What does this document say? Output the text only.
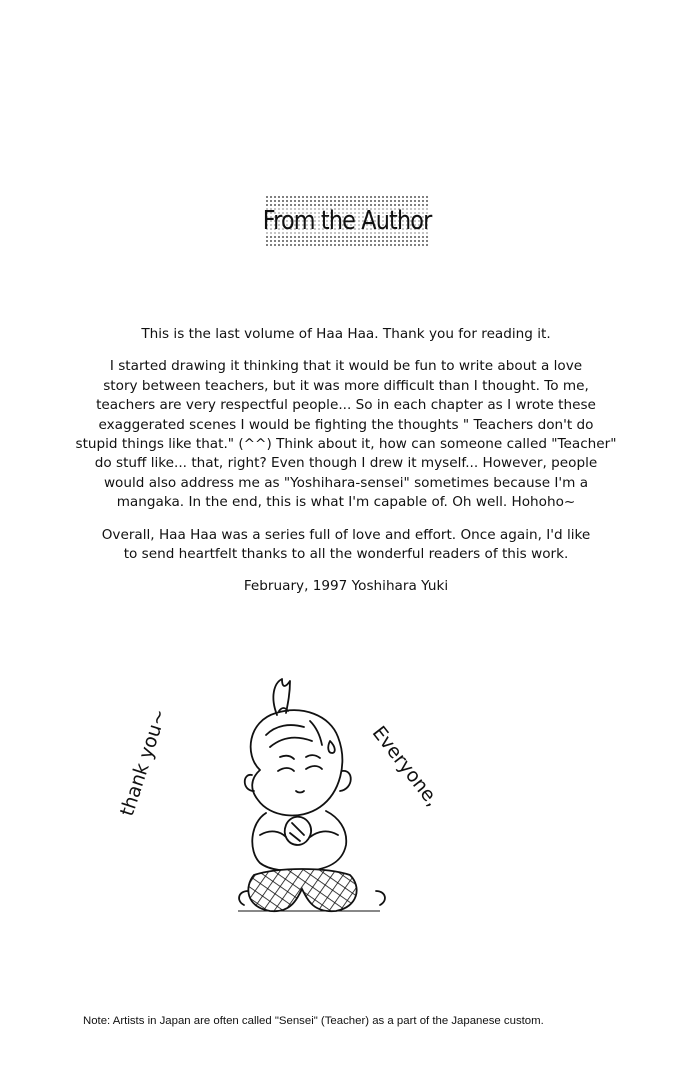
From the Author

This is the last volume of Haa Haa. Thank you for reading it.

I started drawing it thinking that it would be fun to write about a love
story between teachers, but it was more difficult than I thought. To me,
teachers are very respectful people... So in each chapter as I wrote these
exaggerated scenes I would be fighting the thoughts " Teachers don't do
stupid things like that." (^^) Think about it, how can someone called "Teacher"
do stuff like... that, right? Even though I drew it myself... However, people
would also address me as "Yoshihara-sensei" sometimes because I'm a
mangaka. In the end, this is what I'm capable of. Oh well. Hohoho~

Overall, Haa Haa was a series full of love and effort. Once again, I'd like
to send heartfelt thanks to all the wonderful readers of this work.

February, 1997 Yoshihara Yuki

thank you~	Everyone,
Note: Artists in Japan are often called "Sensei" (Teacher) as a part of the Japanese custom.
